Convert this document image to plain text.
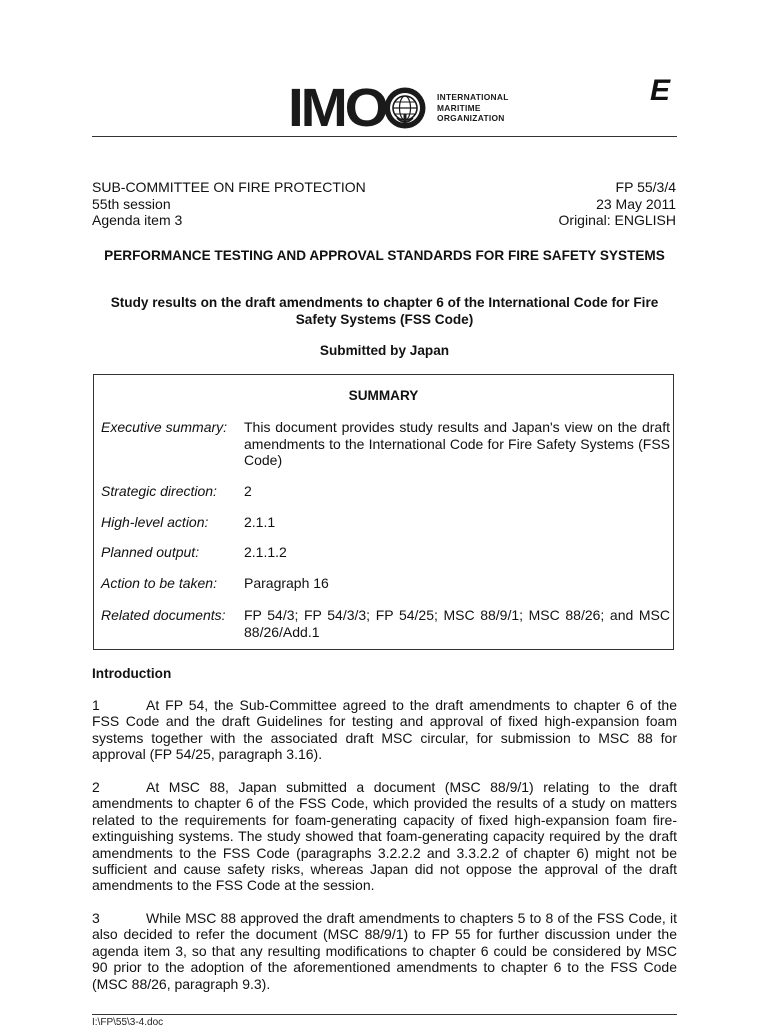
IMO	INTERNATIONAL
MARITIME
ORGANIZATION
E
SUB-COMMITTEE ON FIRE PROTECTION
55th session
Agenda item 3
FP 55/3/4
23 May 2011
Original: ENGLISH
PERFORMANCE TESTING AND APPROVAL STANDARDS FOR FIRE SAFETY SYSTEMS
Study results on the draft amendments to chapter 6 of the International Code for Fire Safety Systems (FSS Code)
Submitted by Japan
SUMMARY
Executive summary: This document provides study results and Japan's view on the draft amendments to the International Code for Fire Safety Systems (FSS Code)
Strategic direction: 2
High-level action:	2.1.1
Planned output:	2.1.1.2
Action to be taken: Paragraph 16
Related documents: FP 54/3; FP 54/3/3; FP 54/25; MSC 88/9/1; MSC 88/26; and MSC 88/26/Add.1
Introduction
1	At FP 54, the Sub-Committee agreed to the draft amendments to chapter 6 of the FSS Code and the draft Guidelines for testing and approval of fixed high-expansion foam systems together with the associated draft MSC circular, for submission to MSC 88 for approval (FP 54/25, paragraph 3.16).
2	At MSC 88, Japan submitted a document (MSC 88/9/1) relating to the draft amendments to chapter 6 of the FSS Code, which provided the results of a study on matters related to the requirements for foam-generating capacity of fixed high-expansion foam fire-extinguishing systems. The study showed that foam-generating capacity required by the draft amendments to the FSS Code (paragraphs 3.2.2.2 and 3.3.2.2 of chapter 6) might not be sufficient and cause safety risks, whereas Japan did not oppose the approval of the draft amendments to the FSS Code at the session.
3	While MSC 88 approved the draft amendments to chapters 5 to 8 of the FSS Code, it also decided to refer the document (MSC 88/9/1) to FP 55 for further discussion under the agenda item 3, so that any resulting modifications to chapter 6 could be considered by MSC 90 prior to the adoption of the aforementioned amendments to chapter 6 to the FSS Code (MSC 88/26, paragraph 9.3).
I:\FP\55\3-4.doc
